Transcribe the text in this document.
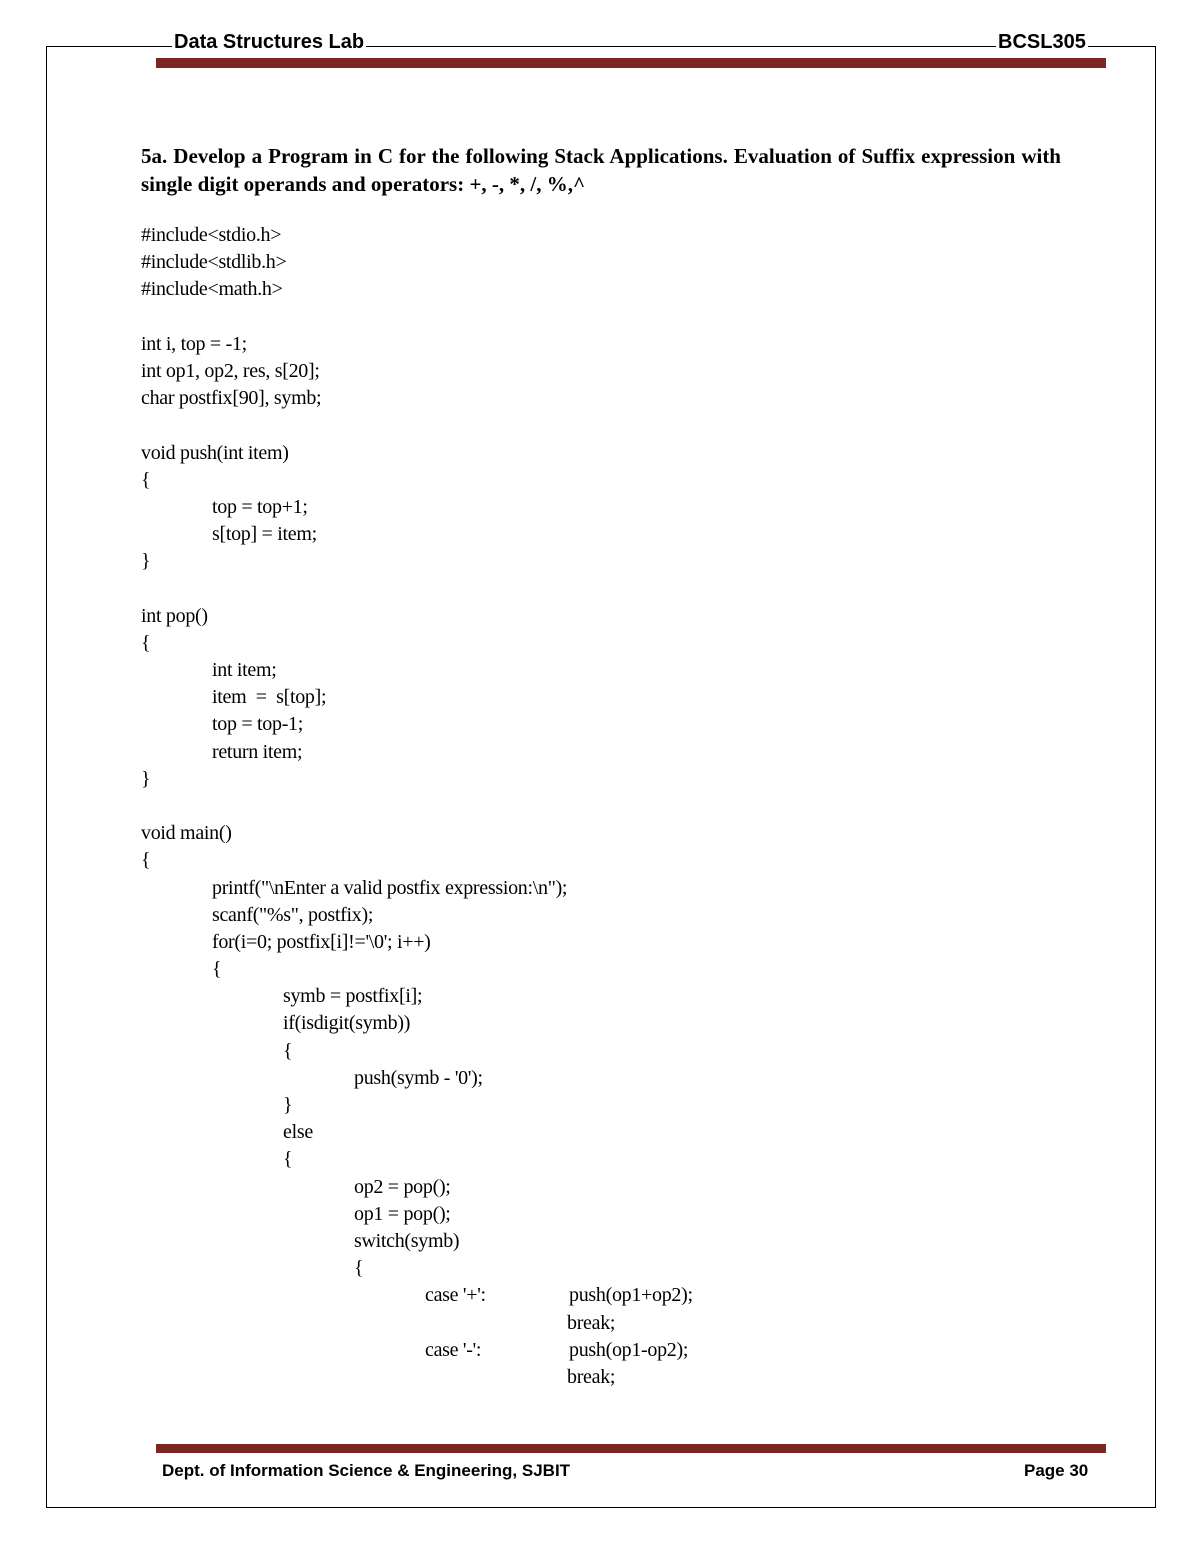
Data Structures Lab	BCSL305
5a. Develop a Program in C for the following Stack Applications. Evaluation of Suffix expression with single digit operands and operators: +, -, *, /, %,^
#include<stdio.h>
#include<stdlib.h>
#include<math.h>
int i, top = -1;
int op1, op2, res, s[20];
char postfix[90], symb;
void push(int item)
{
top = top+1;
s[top] = item;
}
int pop()
{
int item;
item  =  s[top];
top = top-1;
return item;
}
void main()
{
printf("\nEnter a valid postfix expression:\n");
scanf("%s", postfix);
for(i=0; postfix[i]!='\0'; i++)
{
symb = postfix[i];
if(isdigit(symb))
{
push(symb - '0');
}
else
{
op2 = pop();
op1 = pop();
switch(symb)
{
case '+':	push(op1+op2);
break;
case '-':	push(op1-op2);
break;
Dept. of Information Science & Engineering, SJBIT	Page 30
